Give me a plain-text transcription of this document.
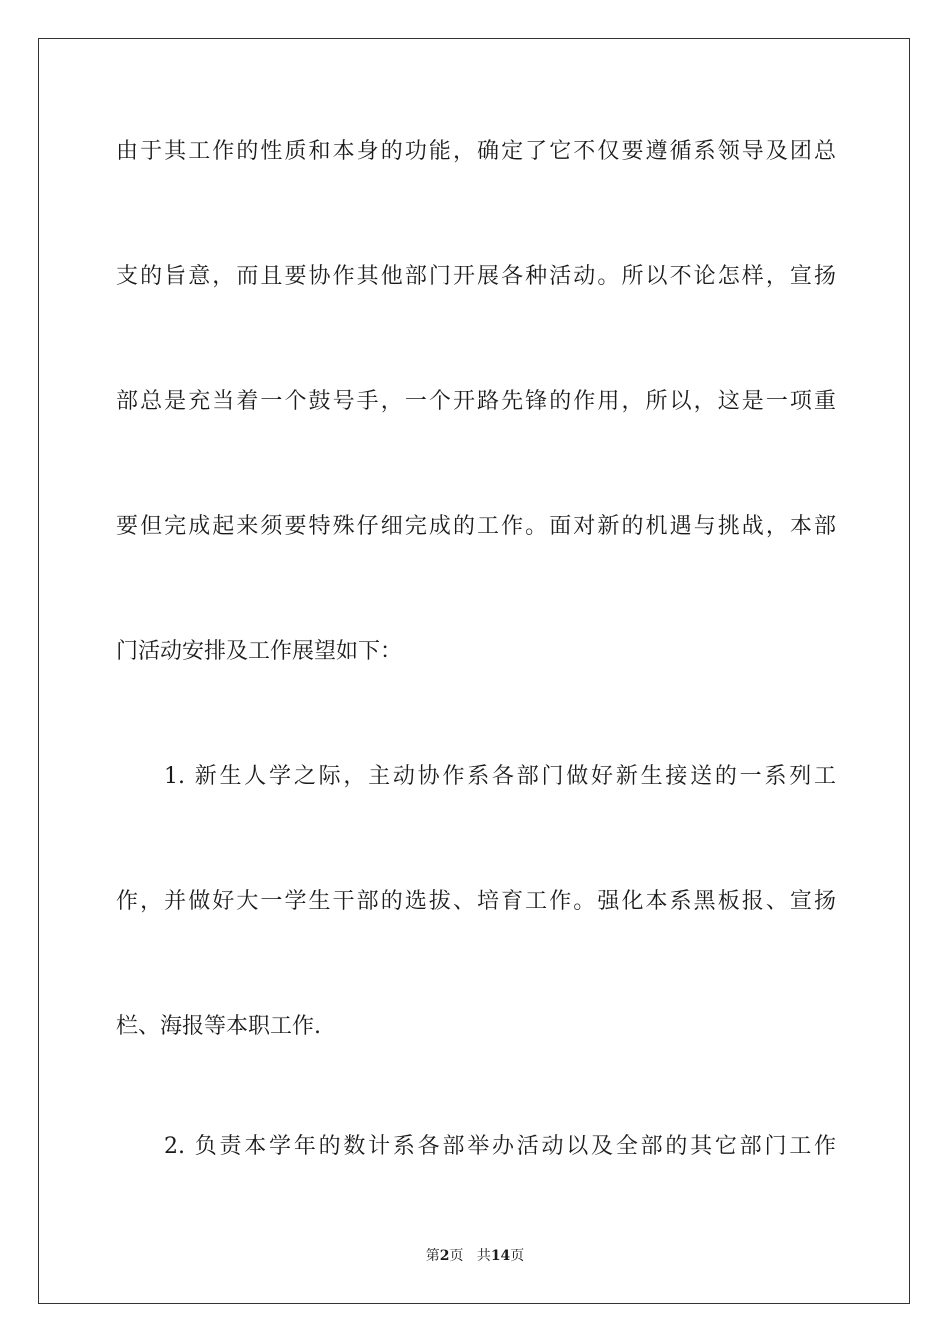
由于其工作的性质和本身的功能，确定了它不仅要遵循系领导及团总
支的旨意，而且要协作其他部门开展各种活动。所以不论怎样，宣扬
部总是充当着一个鼓号手，一个开路先锋的作用，所以，这是一项重
要但完成起来须要特殊仔细完成的工作。面对新的机遇与挑战，本部
门活动安排及工作展望如下：
1. 新生人学之际，主动协作系各部门做好新生接送的一系列工
作，并做好大一学生干部的选拔、培育工作。强化本系黑板报、宣扬
栏、海报等本职工作.
2. 负责本学年的数计系各部举办活动以及全部的其它部门工作
第2页 共14页
